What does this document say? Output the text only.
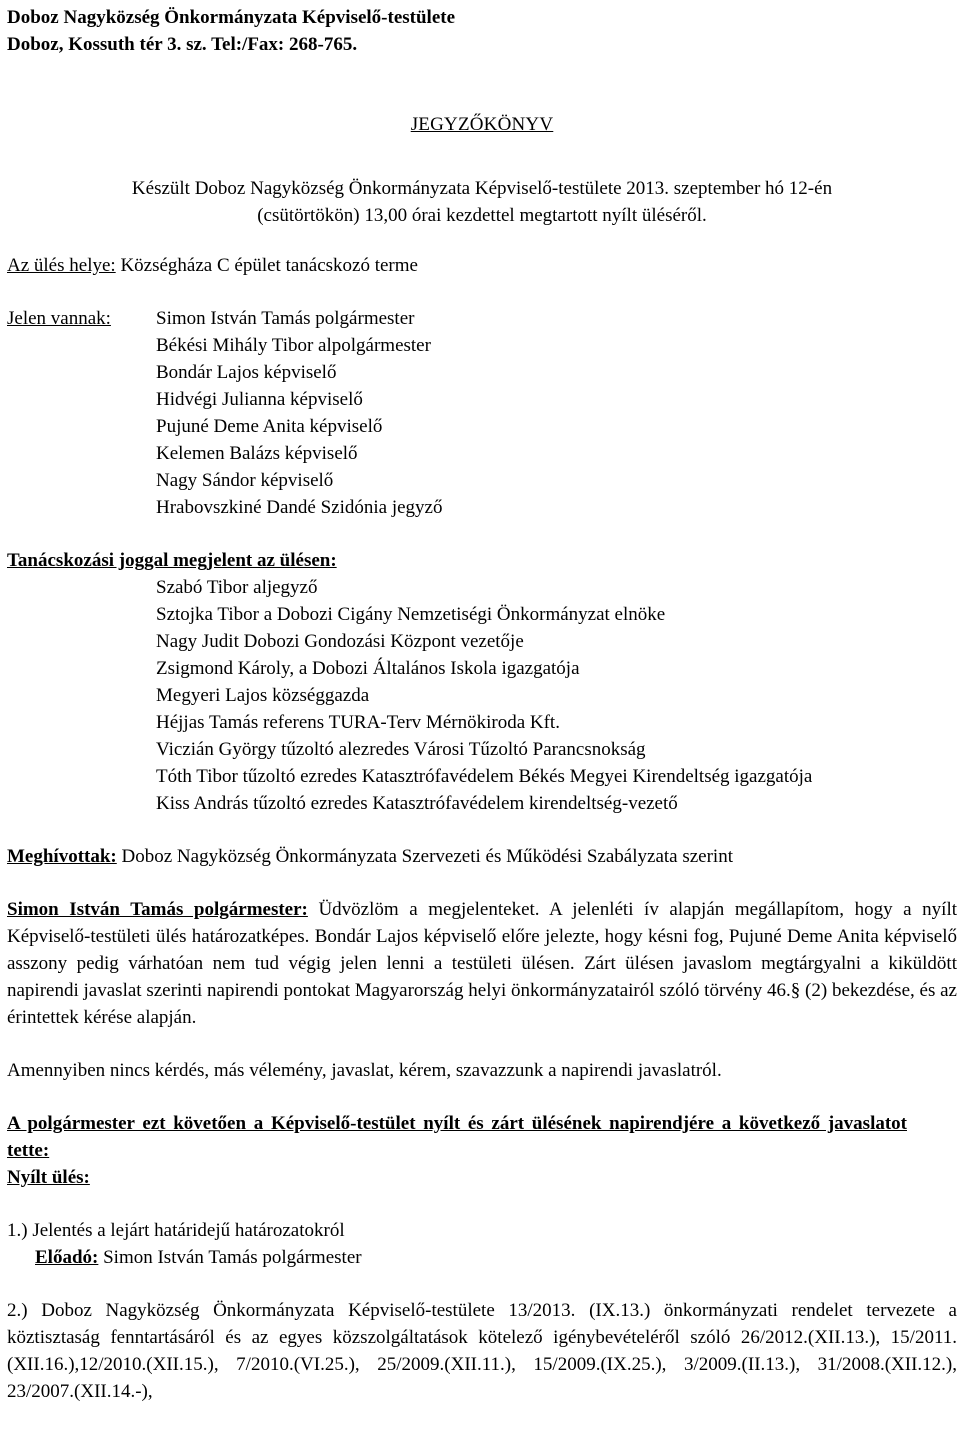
Doboz Nagyközség Önkormányzata Képviselő-testülete
Doboz, Kossuth tér 3. sz. Tel:/Fax: 268-765.
JEGYZŐKÖNYV
Készült Doboz Nagyközség Önkormányzata Képviselő-testülete 2013. szeptember hó 12-én
(csütörtökön) 13,00 órai kezdettel megtartott nyílt üléséről.
Az ülés helye: Községháza C épület tanácskozó terme
Jelen vannak:	Simon István Tamás polgármester
Békési Mihály Tibor alpolgármester
Bondár Lajos képviselő
Hidvégi Julianna képviselő
Pujuné Deme Anita képviselő
Kelemen Balázs képviselő
Nagy Sándor képviselő
Hrabovszkiné Dandé Szidónia jegyző
Tanácskozási joggal megjelent az ülésen:
Szabó Tibor aljegyző
Sztojka Tibor a Dobozi Cigány Nemzetiségi Önkormányzat elnöke
Nagy Judit Dobozi Gondozási Központ vezetője
Zsigmond Károly, a Dobozi Általános Iskola igazgatója
Megyeri Lajos községgazda
Héjjas Tamás referens TURA-Terv Mérnökiroda Kft.
Viczián György tűzoltó alezredes Városi Tűzoltó Parancsnokság
Tóth Tibor tűzoltó ezredes Katasztrófavédelem Békés Megyei Kirendeltség igazgatója
Kiss András tűzoltó ezredes Katasztrófavédelem kirendeltség-vezető
Meghívottak: Doboz Nagyközség Önkormányzata Szervezeti és Működési Szabályzata szerint

Simon István Tamás polgármester: Üdvözlöm a megjelenteket. A jelenléti ív alapján megállapítom, hogy a nyílt Képviselő-testületi ülés határozatképes. Bondár Lajos képviselő előre jelezte, hogy késni fog, Pujuné Deme Anita képviselő asszony pedig várhatóan nem tud végig jelen lenni a testületi ülésen. Zárt ülésen javaslom megtárgyalni a kiküldött napirendi javaslat szerinti napirendi pontokat Magyarország helyi önkormányzatairól szóló törvény 46.§ (2) bekezdése, és az érintettek kérése alapján.

Amennyiben nincs kérdés, más vélemény, javaslat, kérem, szavazzunk a napirendi javaslatról.

A polgármester ezt követően a Képviselő-testület nyílt és zárt ülésének napirendjére a következő javaslatot tette:

Nyílt ülés:

1.) Jelentés a lejárt határidejű határozatokról
Előadó: Simon István Tamás polgármester

2.) Doboz Nagyközség Önkormányzata Képviselő-testülete 13/2013. (IX.13.) önkormányzati rendelet tervezete a köztisztaság fenntartásáról és az egyes közszolgáltatások kötelező igénybevételéről szóló 26/2012.(XII.13.), 15/2011.(XII.16.),12/2010.(XII.15.), 7/2010.(VI.25.), 25/2009.(XII.11.), 15/2009.(IX.25.), 3/2009.(II.13.), 31/2008.(XII.12.), 23/2007.(XII.14.-),
